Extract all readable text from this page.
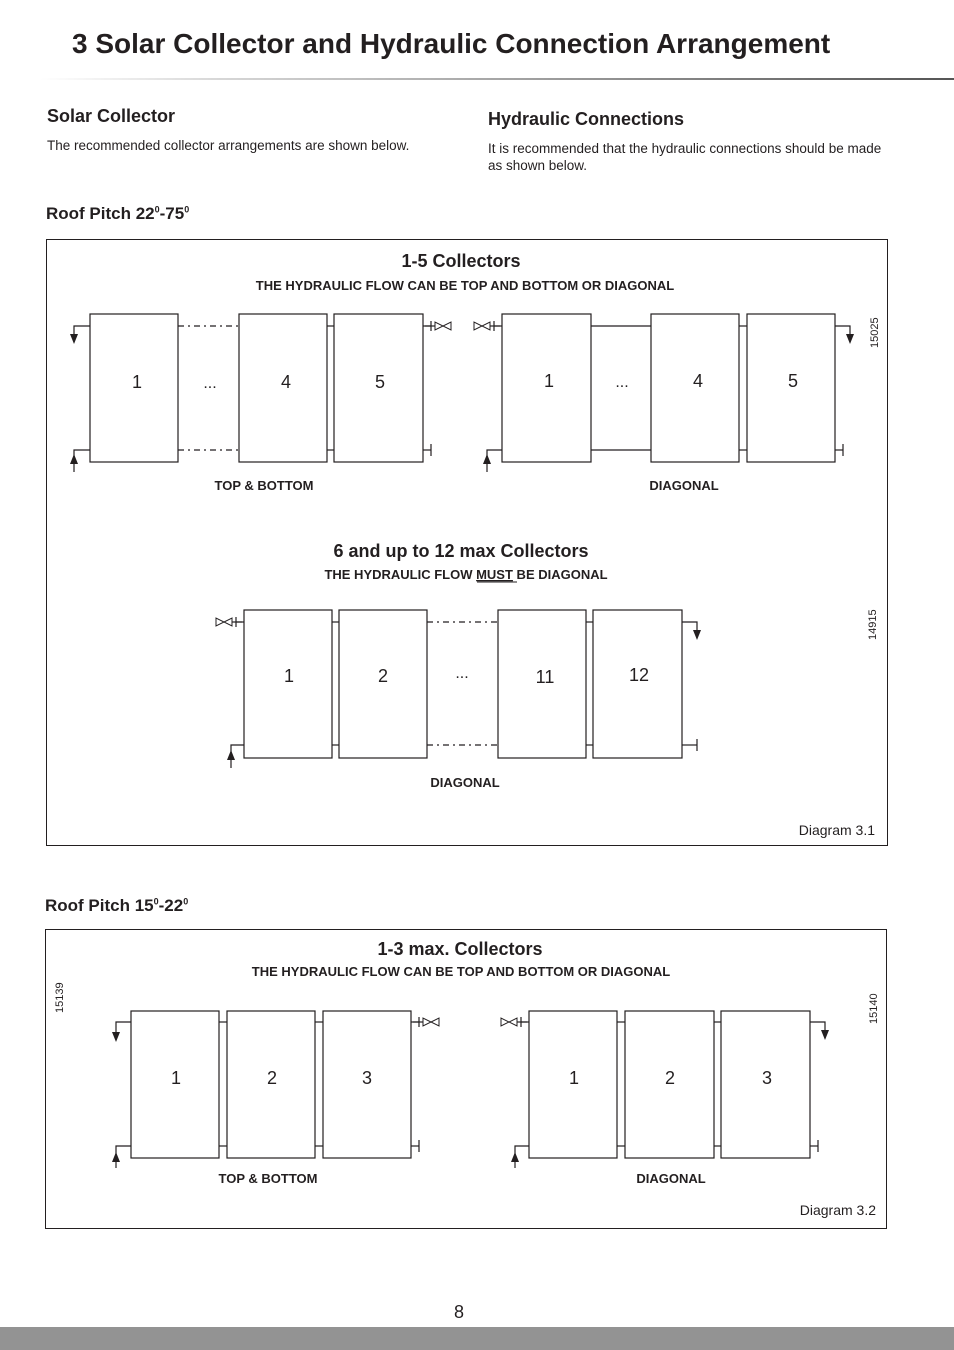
3 Solar Collector and Hydraulic Connection Arrangement
Solar Collector
The recommended collector arrangements are shown below.
Hydraulic Connections
It is recommended that the hydraulic connections should be made as shown below.
Roof Pitch $22^0-75^0$
1-5 Collectors
THE HYDRAULIC FLOW CAN BE TOP AND BOTTOM OR DIAGONAL
15025
1	...	4	5
TOP & BOTTOM
1	...	4	5
DIAGONAL
6 and up to 12 max Collectors
THE HYDRAULIC FLOW MUST BE DIAGONAL
14915
1	2	...	11	12
DIAGONAL
Diagram 3.1
Roof Pitch $15^0-22^0$
1-3 max. Collectors
THE HYDRAULIC FLOW CAN BE TOP AND BOTTOM OR DIAGONAL
15139	15140
1	2	3
TOP & BOTTOM
1	2	3
DIAGONAL
Diagram 3.2
8
